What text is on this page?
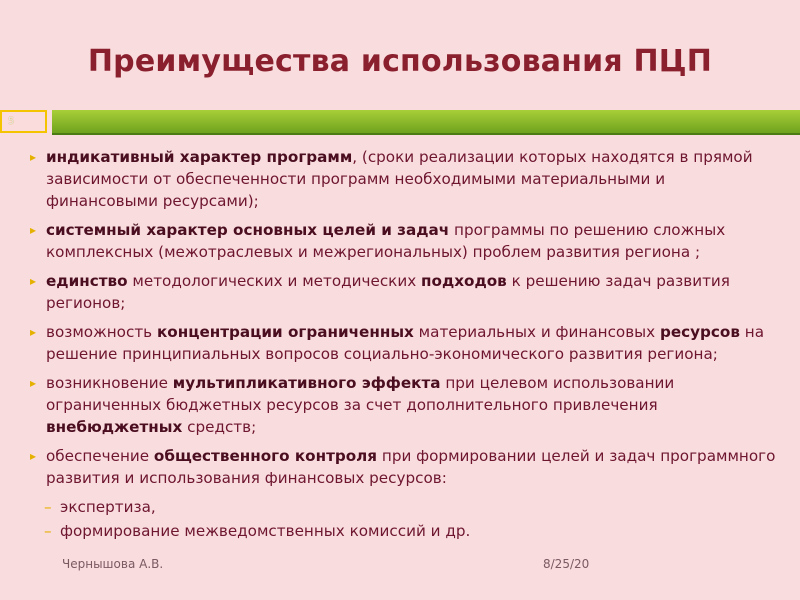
Преимущества использования ПЦП
5
▸ индикативный характер программ, (сроки реализации которых находятся в прямой зависимости от обеспеченности программ необходимыми материальными и финансовыми ресурсами);
▸ системный характер основных целей и задач программы по решению сложных комплексных (межотраслевых и межрегиональных) проблем развития региона ;
▸ единство методологических и методических подходов к решению задач развития регионов;
▸ возможность концентрации ограниченных материальных и финансовых ресурсов на решение принципиальных вопросов социально-экономического развития региона;
▸ возникновение мультипликативного эффекта при целевом использовании ограниченных бюджетных ресурсов за счет дополнительного привлечения внебюджетных средств;
▸ обеспечение общественного контроля при формировании целей и задач программного развития и использования финансовых ресурсов:
– экспертиза,
– формирование межведомственных комиссий и др.
Чернышова А.В.	8/25/20
